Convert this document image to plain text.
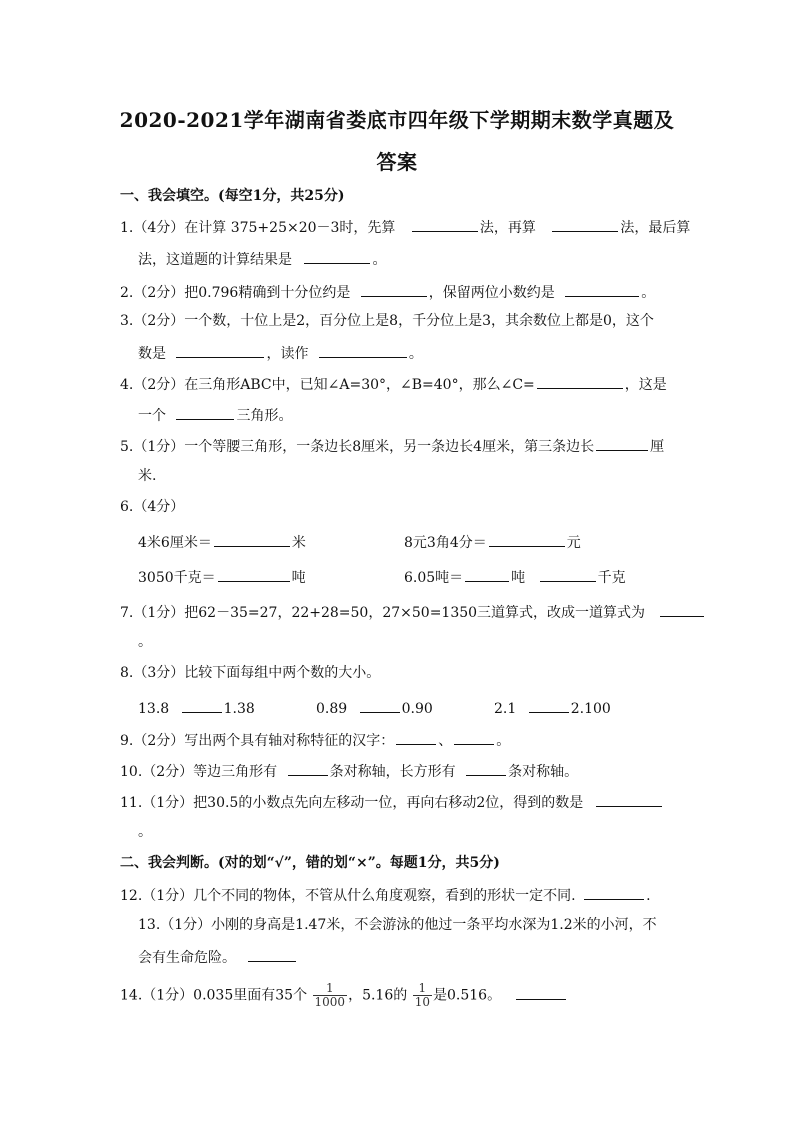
2020-2021学年湖南省娄底市四年级下学期期末数学真题及
答案
一、我会填空。(每空1分，共25分)
1.（4分）在计算 375+25×20－3时，先算	法，再算	法，最后算
法，这道题的计算结果是	。
2.（2分）把0.796精确到十分位约是	，保留两位小数约是	。
3.（2分）一个数，十位上是2，百分位上是8，千分位上是3，其余数位上都是0，这个
数是	，读作	。
4.（2分）在三角形ABC中，已知∠A=30°，∠B=40°，那么∠C=	，这是
一个	三角形。
5.（1分）一个等腰三角形，一条边长8厘米，另一条边长4厘米，第三条边长	厘
米.
6.（4分）
4米6厘米＝	米	8元3角4分＝	元
3050千克＝	吨	6.05吨＝	吨	千克
7.（1分）把62－35=27，22+28=50，27×50=1350三道算式，改成一道算式为
。
8.（3分）比较下面每组中两个数的大小。
13.8	1.38	0.89	0.90	2.1	2.100
9.（2分）写出两个具有轴对称特征的汉字：	、	。
10.（2分）等边三角形有	条对称轴，长方形有	条对称轴。
11.（1分）把30.5的小数点先向左移动一位，再向右移动2位，得到的数是
。
二、我会判断。(对的划“√”，错的划“×”。每题1分，共5分)
12.（1分）几个不同的物体，不管从什么角度观察，看到的形状一定不同.	.
13.（1分）小刚的身高是1.47米，不会游泳的他过一条平均水深为1.2米的小河，不
会有生命危险。
14.（1分）0.035里面有35个 $\frac{1}{1000}$ ，5.16的 $\frac{1}{10}$ 是0.516。
